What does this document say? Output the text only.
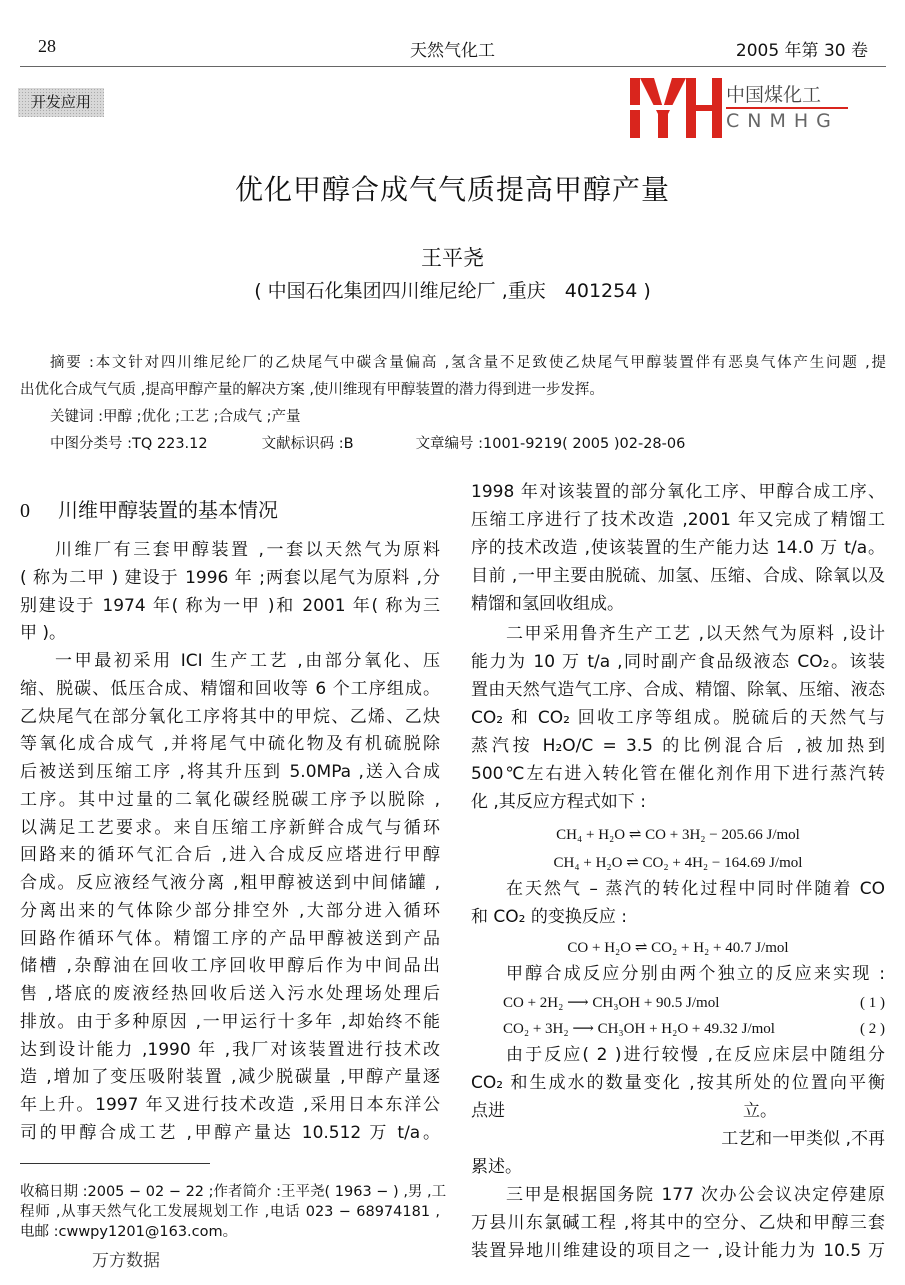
28	天然气化工	2005 年第 30 卷
开发应用
优化甲醇合成气气质提高甲醇产量
王平尧
( 中国石化集团四川维尼纶厂 ,重庆　401254 )
摘要 :本文针对四川维尼纶厂的乙炔尾气中碳含量偏高 ,氢含量不足致使乙炔尾气甲醇装置伴有恶臭气体产生问题 ,提
出优化合成气气质 ,提高甲醇产量的解决方案 ,使川维现有甲醇装置的潜力得到进一步发挥。
关键词 :甲醇 ;优化 ;工艺 ;合成气 ;产量
中图分类号 :TQ 223.12	文献标识码 :B	文章编号 :1001-9219( 2005 )02-28-06
0 川维甲醇装置的基本情况
川维厂有三套甲醇装置 ,一套以天然气为原料
( 称为二甲 ) 建设于 1996 年 ;两套以尾气为原料 ,分
别建设于 1974 年( 称为一甲 )和 2001 年( 称为三
甲 )。
一甲最初采用 ICI 生产工艺 ,由部分氧化、压
缩、脱碳、低压合成、精馏和回收等 6 个工序组成。
乙炔尾气在部分氧化工序将其中的甲烷、乙烯、乙炔
等氧化成合成气 ,并将尾气中硫化物及有机硫脱除
后被送到压缩工序 ,将其升压到 5.0MPa ,送入合成
工序。其中过量的二氧化碳经脱碳工序予以脱除 ,
以满足工艺要求。来自压缩工序新鲜合成气与循环
回路来的循环气汇合后 ,进入合成反应塔进行甲醇
合成。反应液经气液分离 ,粗甲醇被送到中间储罐 ,
分离出来的气体除少部分排空外 ,大部分进入循环
回路作循环气体。精馏工序的产品甲醇被送到产品
储槽 ,杂醇油在回收工序回收甲醇后作为中间品出
售 ,塔底的废液经热回收后送入污水处理场处理后
排放。由于多种原因 ,一甲运行十多年 ,却始终不能
达到设计能力 ,1990 年 ,我厂对该装置进行技术改
造 ,增加了变压吸附装置 ,减少脱碳量 ,甲醇产量逐
年上升。1997 年又进行技术改造 ,采用日本东洋公
司的甲醇合成工艺 ,甲醇产量达 10.512 万 t/a。
1998 年对该装置的部分氧化工序、甲醇合成工序、
压缩工序进行了技术改造 ,2001 年又完成了精馏工
序的技术改造 ,使该装置的生产能力达 14.0 万 t/a。
目前 ,一甲主要由脱硫、加氢、压缩、合成、除氧以及
精馏和氢回收组成。
二甲采用鲁齐生产工艺 ,以天然气为原料 ,设计
能力为 10 万 t/a ,同时副产食品级液态 CO₂。该装
置由天然气造气工序、合成、精馏、除氧、压缩、液态
CO₂ 和 CO₂ 回收工序等组成。脱硫后的天然气与
蒸汽按 H₂O/C = 3.5 的比例混合后 ,被加热到
500℃左右进入转化管在催化剂作用下进行蒸汽转
化 ,其反应方程式如下 :
CH₄ + H₂O ⇌ CO + 3H₂ − 205.66 J/mol
CH₄ + H₂O ⇌ CO₂ + 4H₂ − 164.69 J/mol
在天然气 – 蒸汽的转化过程中同时伴随着 CO
和 CO₂ 的变换反应 :
CO + H₂O ⇌ CO₂ + H₂ + 40.7 J/mol
甲醇合成反应分别由两个独立的反应来实现 :
CO + 2H₂ ⟶ CH₃OH + 90.5 J/mol	( 1 )
CO₂ + 3H₂ ⟶ CH₃OH + H₂O + 49.32 J/mol	( 2 )
由于反应( 2 )进行较慢 ,在反应床层中随组分
CO₂ 和生成水的数量变化 ,按其所处的位置向平衡
点进　　　　　　　　　　　　　　立。
工艺和一甲类似 ,不再
累述。
三甲是根据国务院 177 次办公会议决定停建原
万县川东氯碱工程 ,将其中的空分、乙炔和甲醇三套
装置异地川维建设的项目之一 ,设计能力为 10.5 万
收稿日期 :2005 − 02 − 22 ;作者简介 :王平尧( 1963 − ) ,男 ,工
程师 ,从事天然气化工发展规划工作 ,电话 023 − 68974181 ,
电邮 :cwwpy1201@163.com。
万方数据
中国煤化工
CNMHG
